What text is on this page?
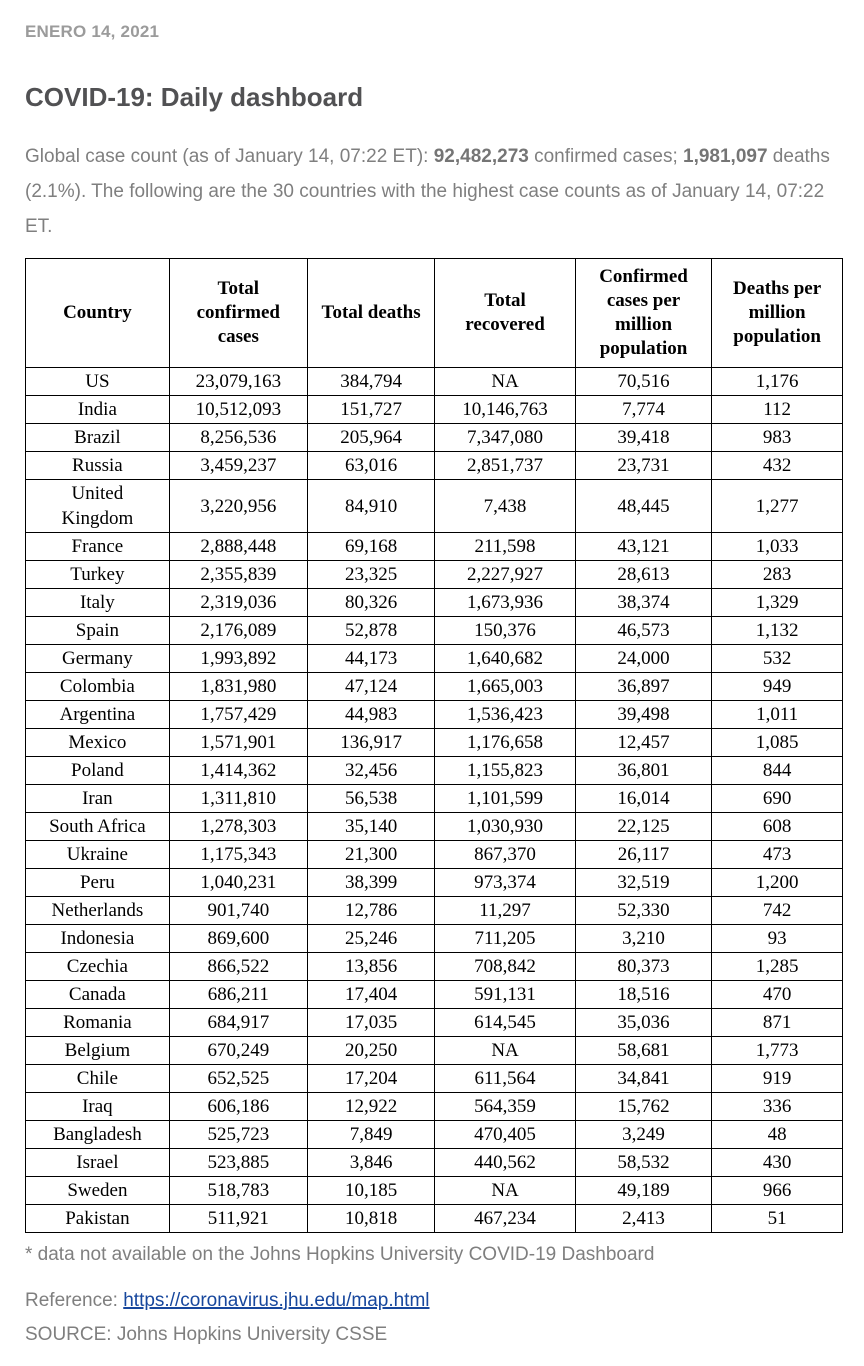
ENERO 14, 2021
COVID-19: Daily dashboard

Global case count (as of January 14, 07:22 ET): 92,482,273 confirmed cases; 1,981,097 deaths (2.1%). The following are the 30 countries with the highest case counts as of January 14, 07:22 ET.

Country	Total confirmed cases	Total deaths	Total recovered	Confirmed cases per million population	Deaths per million population
US	23,079,163	384,794	NA	70,516	1,176
India	10,512,093	151,727	10,146,763	7,774	112
Brazil	8,256,536	205,964	7,347,080	39,418	983
Russia	3,459,237	63,016	2,851,737	23,731	432
United Kingdom	3,220,956	84,910	7,438	48,445	1,277
France	2,888,448	69,168	211,598	43,121	1,033
Turkey	2,355,839	23,325	2,227,927	28,613	283
Italy	2,319,036	80,326	1,673,936	38,374	1,329
Spain	2,176,089	52,878	150,376	46,573	1,132
Germany	1,993,892	44,173	1,640,682	24,000	532
Colombia	1,831,980	47,124	1,665,003	36,897	949
Argentina	1,757,429	44,983	1,536,423	39,498	1,011
Mexico	1,571,901	136,917	1,176,658	12,457	1,085
Poland	1,414,362	32,456	1,155,823	36,801	844
Iran	1,311,810	56,538	1,101,599	16,014	690
South Africa	1,278,303	35,140	1,030,930	22,125	608
Ukraine	1,175,343	21,300	867,370	26,117	473
Peru	1,040,231	38,399	973,374	32,519	1,200
Netherlands	901,740	12,786	11,297	52,330	742
Indonesia	869,600	25,246	711,205	3,210	93
Czechia	866,522	13,856	708,842	80,373	1,285
Canada	686,211	17,404	591,131	18,516	470
Romania	684,917	17,035	614,545	35,036	871
Belgium	670,249	20,250	NA	58,681	1,773
Chile	652,525	17,204	611,564	34,841	919
Iraq	606,186	12,922	564,359	15,762	336
Bangladesh	525,723	7,849	470,405	3,249	48
Israel	523,885	3,846	440,562	58,532	430
Sweden	518,783	10,185	NA	49,189	966
Pakistan	511,921	10,818	467,234	2,413	51

* data not available on the Johns Hopkins University COVID-19 Dashboard

Reference: https://coronavirus.jhu.edu/map.html

SOURCE: Johns Hopkins University CSSE
